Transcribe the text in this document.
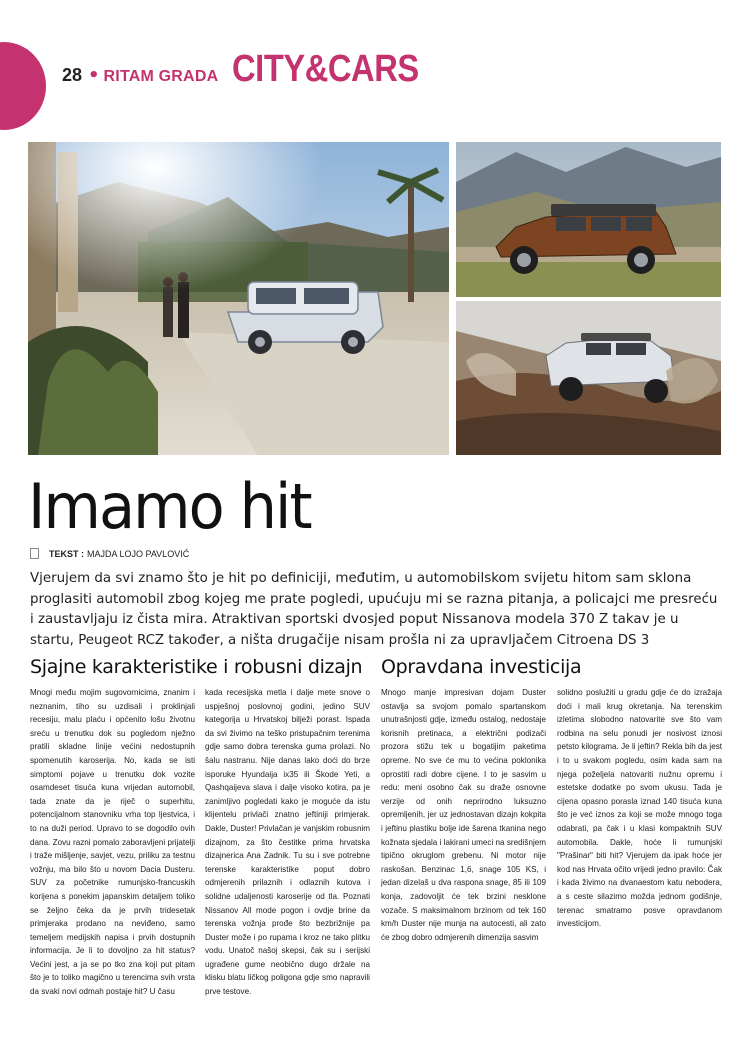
28 • RITAM GRADA CITY&CARS
Imamo hit
TEKST : MAJDA LOJO PAVLOVIĆ
Vjerujem da svi znamo što je hit po definiciji, međutim, u automobilskom svijetu hitom sam sklona proglasiti automobil zbog kojeg me prate pogledi, upućuju mi se razna pitanja, a policajci me presreću i zaustavljaju iz čista mira. Atraktivan sportski dvosjed poput Nissanova modela 370 Z takav je u startu, Peugeot RCZ također, a ništa drugačije nisam prošla ni za upravljačem Citroena DS 3
Sjajne karakteristike i robusni dizajn Opravdana investicija
Mnogi među mojim sugovornicima, znanim i neznanim, tiho su uzdisali i proklinjali recesiju, malu plaću i općenito lošu životnu sreću u trenutku dok su pogledom nježno pratili skladne linije većini nedostupnih spomenutih karoserija. No, kada se isti simptomi pojave u trenutku dok vozite osamdeset tisuća kuna vrijedan automobil, tada znate da je riječ o superhitu, potencijalnom stanovniku vrha top ljestvica, i to na duži period. Upravo to se dogodilo ovih dana. Zovu razni pomalo zaboravljeni prijatelji i traže mišljenje, savjet, vezu, priliku za testnu vožnju, ma bilo što u novom Dacia Dusteru. SUV za početnike rumunjsko-francuskih korijena s ponekim japanskim detaljem toliko se željno čeka da je prvih tridesetak primjeraka prodano na neviđeno, samo temeljem medijskih napisa i prvih dostupnih informacija. Je li to dovoljno za hit status? Većini jest, a ja se po tko zna koji put pitam što je to toliko magično u terencima svih vrsta da svaki novi odmah postaje hit? U času
kada recesijska metla i dalje mete snove o uspješnoj poslovnoj godini, jedino SUV kategorija u Hrvatskoj bilježi porast. Ispada da svi živimo na teško pristupačnim terenima gdje samo dobra terenska guma prolazi. No šalu nastranu. Nije danas lako doći do brze isporuke Hyundaija ix35 ili Škode Yeti, a Qashqaijeva slava i dalje visoko kotira, pa je zanimljivo pogledati kako je moguće da istu klijentelu privlači znatno jeftiniji primjerak. Dakle, Duster! Privlačan je vanjskim robusnim dizajnom, za što čestitke prima hrvatska dizajnerica Ana Zadnik. Tu su i sve potrebne terenske karakteristike poput dobro odmjerenih prilaznih i odlaznih kutova i solidne udaljenosti karoserije od tla. Poznati Nissanov All mode pogon i ovdje brine da terenska vožnja prođe što bezbrižnije pa Duster može i po rupama i kroz ne tako plitku vodu. Unatoč našoj skepsi, čak su i serijski ugrađene gume neobično dugo držale na klisku blatu ličkog poligona gdje smo napravili prve testove.
Mnogo manje impresivan dojam Duster ostavlja sa svojom pomalo spartanskom unutrašnjosti gdje, između ostalog, nedostaje korisnih pretinaca, a električni podizači prozora stižu tek u bogatijim paketima opreme. No sve će mu to većina poklonika oprostiti radi dobre cijene. I to je sasvim u redu: meni osobno čak su draže osnovne verzije od onih neprirodno luksuzno opremljenih, jer uz jednostavan dizajn kokpita i jeftinu plastiku bolje ide šarena tkanina nego kožnata sjedala i lakirani umeci na središnjem tipično okruglom grebenu. Ni motor nije raskošan. Benzinac 1,6, snage 105 KS, i jedan dizelaš u dva raspona snage, 85 ili 109 konja, zadovoljit će tek brzini nesklone vozače. S maksimalnom brzinom od tek 160 km/h Duster nije munja na autocesti, ali zato će zbog dobro odmjerenih dimenzija sasvim
solidno poslužiti u gradu gdje će do izražaja doći i mali krug okretanja. Na terenskim izletima slobodno natovarite sve što vam rodbina na selu ponudi jer nosivost iznosi petsto kilograma. Je li jeftin? Rekla bih da jest i to u svakom pogledu, osim kada sam na njega poželjela natovariti nužnu opremu i estetske dodatke po svom ukusu. Tada je cijena opasno porasla iznad 140 tisuća kuna što je već iznos za koji se može mnogo toga odabrati, pa čak i u klasi kompaktnih SUV automobila. Dakle, hoće li rumunjski "Prašinar" biti hit? Vjerujem da ipak hoće jer kod nas Hrvata očito vrijedi jedno pravilo: Čak i kada živimo na dvanaestom katu nebodera, a s ceste silazimo možda jednom godišnje, terenac smatramo posve opravdanom investicijom.
